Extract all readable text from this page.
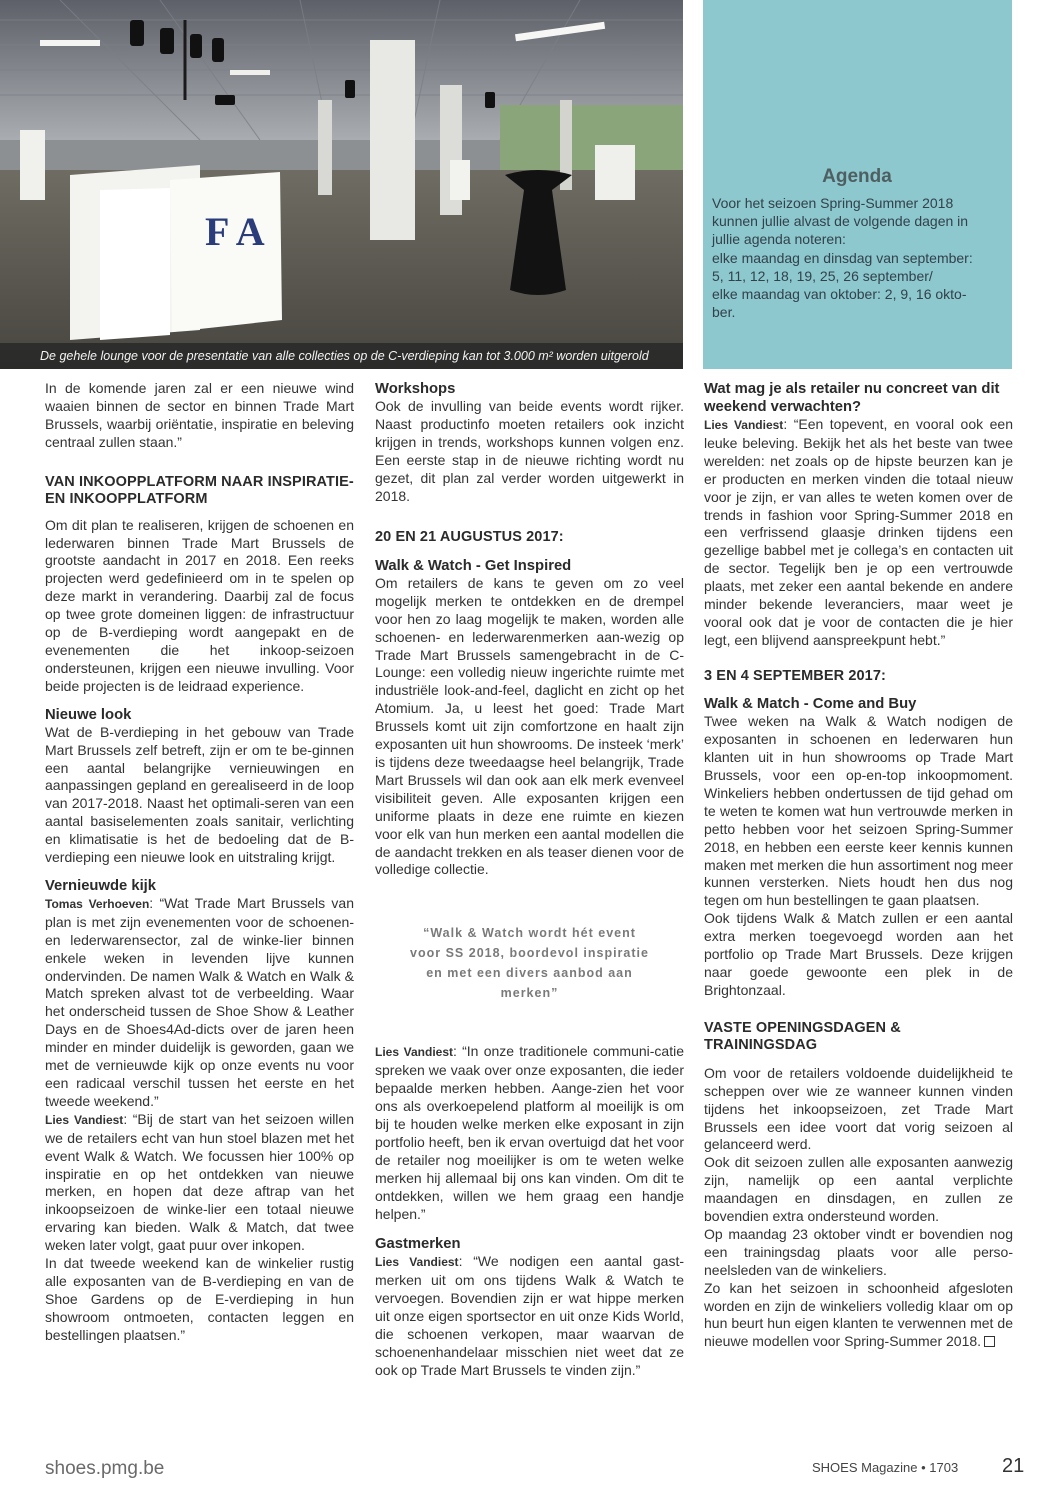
F A
De gehele lounge voor de presentatie van alle collecties op de C-verdieping kan tot 3.000 m² worden uitgerold
Agenda

Voor het seizoen Spring-Summer 2018

kunnen jullie alvast de volgende dagen in

jullie agenda noteren:

elke maandag en dinsdag van september:

5, 11, 12, 18, 19, 25, 26 september/

elke maandag van oktober: 2, 9, 16 okto-

ber.

In de komende jaren zal er een nieuwe wind waaien binnen de sector en binnen Trade Mart Brussels, waarbij oriëntatie, inspiratie en beleving centraal zullen staan.”

VAN INKOOPPLATFORM NAAR INSPIRATIE- EN INKOOPPLATFORM

Om dit plan te realiseren, krijgen de schoenen en lederwaren binnen Trade Mart Brussels de grootste aandacht in 2017 en 2018. Een reeks projecten werd gedefinieerd om in te spelen op deze markt in verandering. Daarbij zal de focus op twee grote domeinen liggen: de infrastructuur op de B-verdieping wordt aangepakt en de evenementen die het inkoop-seizoen ondersteunen, krijgen een nieuwe invulling. Voor beide projecten is de leidraad experience.

Nieuwe look

Wat de B-verdieping in het gebouw van Trade Mart Brussels zelf betreft, zijn er om te be-ginnen een aantal belangrijke vernieuwingen en aanpassingen gepland en gerealiseerd in de loop van 2017-2018. Naast het optimali-seren van een aantal basiselementen zoals sanitair, verlichting en klimatisatie is het de bedoeling dat de B-verdieping een nieuwe look en uitstraling krijgt.

Vernieuwde kijk

Tomas Verhoeven: “Wat Trade Mart Brussels van plan is met zijn evenementen voor de schoenen- en lederwarensector, zal de winke-lier binnen enkele weken in levenden lijve kunnen ondervinden. De namen Walk & Watch en Walk & Match spreken alvast tot de verbeelding. Waar het onderscheid tussen de Shoe Show & Leather Days en de Shoes4Ad-dicts over de jaren heen minder en minder duidelijk is geworden, gaan we met de vernieuwde kijk op onze events nu voor een radicaal verschil tussen het eerste en het tweede weekend.”

Lies Vandiest: “Bij de start van het seizoen willen we de retailers echt van hun stoel blazen met het event Walk & Watch. We focussen hier 100% op inspiratie en op het ontdekken van nieuwe merken, en hopen dat deze aftrap van het inkoopseizoen de winke-lier een totaal nieuwe ervaring kan bieden. Walk & Match, dat twee weken later volgt, gaat puur over inkopen.

In dat tweede weekend kan de winkelier rustig alle exposanten van de B-verdieping en van de Shoe Gardens op de E-verdieping in hun showroom ontmoeten, contacten leggen en bestellingen plaatsen.”

Workshops

Ook de invulling van beide events wordt rijker. Naast productinfo moeten retailers ook inzicht krijgen in trends, workshops kunnen volgen enz. Een eerste stap in de nieuwe richting wordt nu gezet, dit plan zal verder worden uitgewerkt in 2018.

20 EN 21 AUGUSTUS 2017:

Walk & Watch - Get Inspired

Om retailers de kans te geven om zo veel mogelijk merken te ontdekken en de drempel voor hen zo laag mogelijk te maken, worden alle schoenen- en lederwarenmerken aan-wezig op Trade Mart Brussels samengebracht in de C-Lounge: een volledig nieuw ingerichte ruimte met industriële look-and-feel, daglicht en zicht op het Atomium. Ja, u leest het goed: Trade Mart Brussels komt uit zijn comfortzone en haalt zijn exposanten uit hun showrooms. De insteek ‘merk’ is tijdens deze tweedaagse heel belangrijk, Trade Mart Brussels wil dan ook aan elk merk evenveel visibiliteit geven. Alle exposanten krijgen een uniforme plaats in deze ene ruimte en kiezen voor elk van hun merken een aantal modellen die de aandacht trekken en als teaser dienen voor de volledige collectie.

“Walk & Watch wordt hét event

voor SS 2018, boordevol inspiratie

en met een divers aanbod aan

merken”

Lies Vandiest: “In onze traditionele communi-catie spreken we vaak over onze exposanten, die ieder bepaalde merken hebben. Aange-zien het voor ons als overkoepelend platform al moeilijk is om bij te houden welke merken elke exposant in zijn portfolio heeft, ben ik ervan overtuigd dat het voor de retailer nog moeilijker is om te weten welke merken hij allemaal bij ons kan vinden. Om dit te ontdekken, willen we hem graag een handje helpen.”

Gastmerken

Lies Vandiest: “We nodigen een aantal gast-merken uit om ons tijdens Walk & Watch te vervoegen. Bovendien zijn er wat hippe merken uit onze eigen sportsector en uit onze Kids World, die schoenen verkopen, maar waarvan de schoenenhandelaar misschien niet weet dat ze ook op Trade Mart Brussels te vinden zijn.”

Wat mag je als retailer nu concreet van dit weekend verwachten?

Lies Vandiest: “Een topevent, en vooral ook een leuke beleving. Bekijk het als het beste van twee werelden: net zoals op de hipste beurzen kan je er producten en merken vinden die totaal nieuw voor je zijn, er van alles te weten komen over de trends in fashion voor Spring-Summer 2018 en een verfrissend glaasje drinken tijdens een gezellige babbel met je collega’s en contacten uit de sector. Tegelijk ben je op een vertrouwde plaats, met zeker een aantal bekende en andere minder bekende leveranciers, maar weet je vooral ook dat je voor de contacten die je hier legt, een blijvend aanspreekpunt hebt.”

3 EN 4 SEPTEMBER 2017:

Walk & Match - Come and Buy

Twee weken na Walk & Watch nodigen de exposanten in schoenen en lederwaren hun klanten uit in hun showrooms op Trade Mart Brussels, voor een op-en-top inkoopmoment. Winkeliers hebben ondertussen de tijd gehad om te weten te komen wat hun vertrouwde merken in petto hebben voor het seizoen Spring-Summer 2018, en hebben een eerste keer kennis kunnen maken met merken die hun assortiment nog meer kunnen versterken. Niets houdt hen dus nog tegen om hun bestellingen te gaan plaatsen.

Ook tijdens Walk & Match zullen er een aantal extra merken toegevoegd worden aan het portfolio op Trade Mart Brussels. Deze krijgen naar goede gewoonte een plek in de Brightonzaal.

VASTE OPENINGSDAGEN & TRAININGSDAG

Om voor de retailers voldoende duidelijkheid te scheppen over wie ze wanneer kunnen vinden tijdens het inkoopseizoen, zet Trade Mart Brussels een idee voort dat vorig seizoen al gelanceerd werd.

Ook dit seizoen zullen alle exposanten aanwezig zijn, namelijk op een aantal verplichte maandagen en dinsdagen, en zullen ze bovendien extra ondersteund worden.

Op maandag 23 oktober vindt er bovendien nog een trainingsdag plaats voor alle perso-neelsleden van de winkeliers.

Zo kan het seizoen in schoonheid afgesloten worden en zijn de winkeliers volledig klaar om op hun beurt hun eigen klanten te verwennen met de nieuwe modellen voor Spring-Summer 2018.

shoes.pmg.be	SHOES Magazine • 1703 21
